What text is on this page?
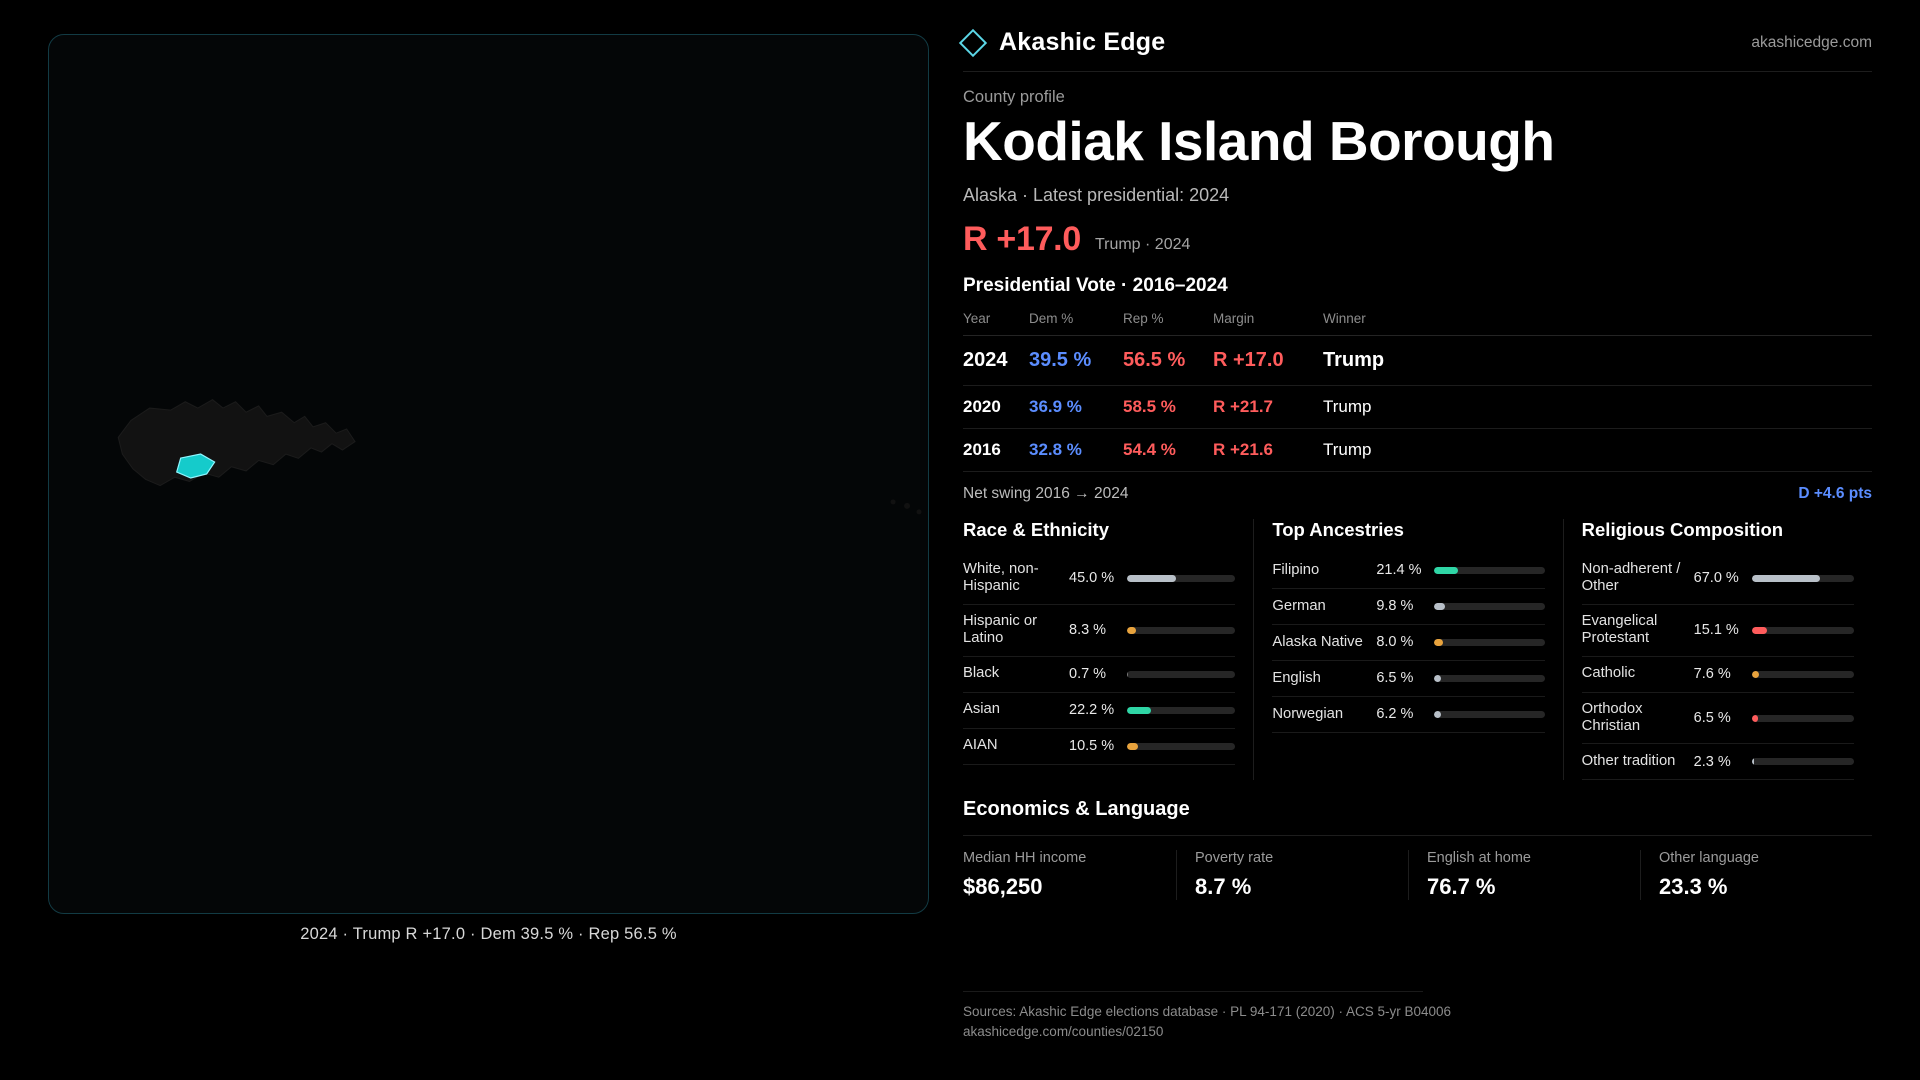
2024 · Trump R +17.0 · Dem 39.5 % · Rep 56.5 %
Akashic Edge	akashicedge.com
County profile
Kodiak Island Borough
Alaska · Latest presidential: 2024
R +17.0 Trump · 2024
Presidential Vote · 2016–2024
Year	Dem %	Rep %	Margin	Winner
2024	39.5 %	56.5 %	R +17.0	Trump
2020	36.9 %	58.5 %	R +21.7	Trump
2016	32.8 %	54.4 %	R +21.6	Trump
Net swing 2016 → 2024	D +4.6 pts
Race & Ethnicity
White, non-Hispanic	45.0 %
Hispanic or Latino	8.3 %
Black	0.7 %
Asian	22.2 %
AIAN	10.5 %
Top Ancestries
Filipino	21.4 %
German	9.8 %
Alaska Native 8.0 %
English	6.5 %
Norwegian	6.2 %
Religious Composition
Non-adherent / Other	67.0 %
Evangelical Protestant	15.1 %
Catholic	7.6 %
Orthodox Christian	6.5 %
Other tradition	2.3 %
Economics & Language
Median HH income
$86,250
Poverty rate
8.7 %
English at home
76.7 %
Other language
23.3 %
Sources: Akashic Edge elections database · PL 94-171 (2020) · ACS 5-yr B04006
akashicedge.com/counties/02150
